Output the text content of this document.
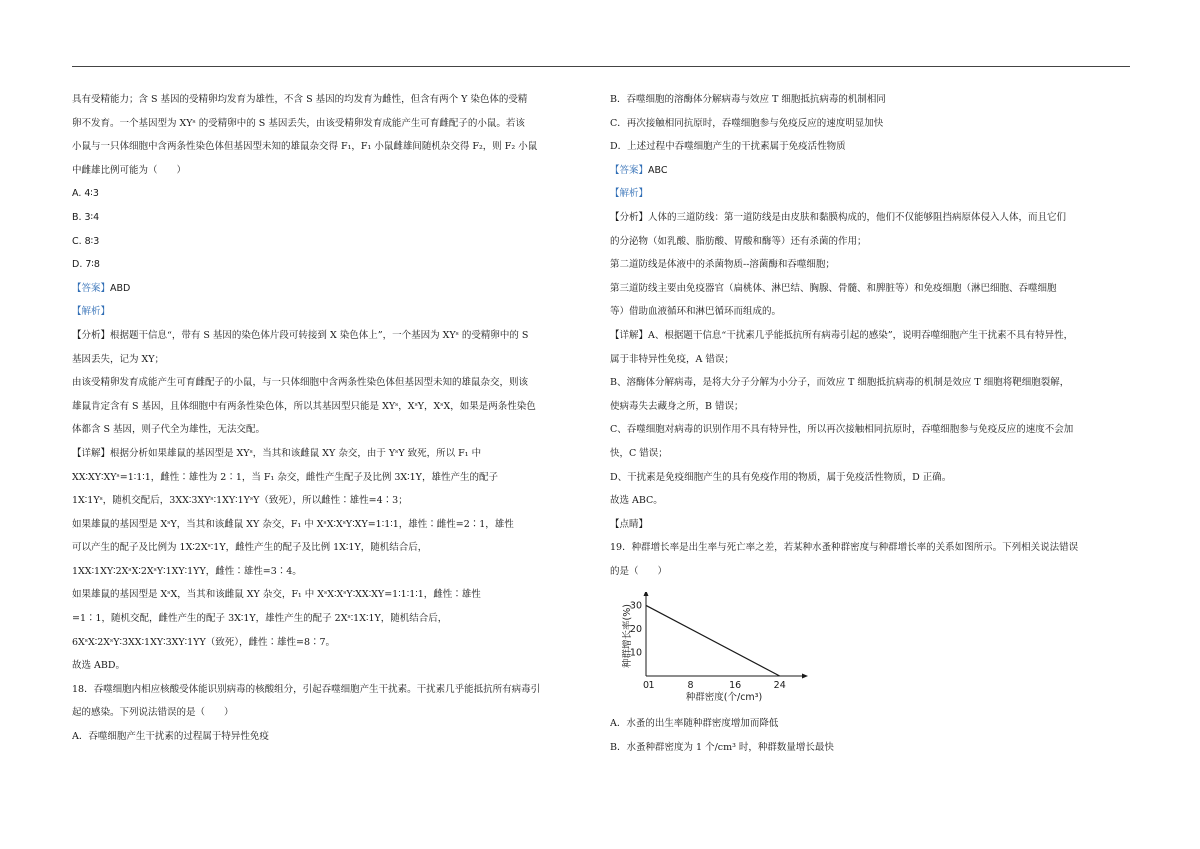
具有受精能力；含 S 基因的受精卵均发育为雄性，不含 S 基因的均发育为雌性，但含有两个 Y 染色体的受精
卵不发育。一个基因型为 XYˢ 的受精卵中的 S 基因丢失，由该受精卵发育成能产生可育雌配子的小鼠。若该
小鼠与一只体细胞中含两条性染色体但基因型未知的雄鼠杂交得 F₁，F₁ 小鼠雌雄间随机杂交得 F₂，则 F₂ 小鼠
中雌雄比例可能为（　　）
A. 4∶3
B. 3∶4
C. 8∶3
D. 7∶8
【答案】ABD
【解析】
【分析】根据题干信息“，带有 S 基因的染色体片段可转接到 X 染色体上”，一个基因为 XYˢ 的受精卵中的 S
基因丢失，记为 XY；
由该受精卵发育成能产生可育雌配子的小鼠，与一只体细胞中含两条性染色体但基因型未知的雄鼠杂交，则该
雄鼠肯定含有 S 基因，且体细胞中有两条性染色体，所以其基因型只能是 XYˢ，XˢY，XˢX，如果是两条性染色
体都含 S 基因，则子代全为雄性，无法交配。
【详解】根据分析如果雄鼠的基因型是 XYˢ，当其和该雌鼠 XY 杂交，由于 YˢY 致死，所以 F₁ 中
XX∶XY∶XYˢ=1∶1∶1，雌性∶雄性为 2∶1，当 F₁ 杂交，雌性产生配子及比例 3X∶1Y，雄性产生的配子
1X∶1Yˢ，随机交配后，3XX∶3XYˢ∶1XY∶1YˢY（致死），所以雌性∶雄性=4∶3；
如果雄鼠的基因型是 XˢY，当其和该雌鼠 XY 杂交，F₁ 中 XˢX∶XˢY∶XY=1∶1∶1，雄性∶雌性=2∶1，雄性
可以产生的配子及比例为 1X∶2Xˢ∶1Y，雌性产生的配子及比例 1X∶1Y，随机结合后，
1XX∶1XY∶2XˢX∶2XˢY∶1XY∶1YY，雌性∶雄性=3∶4。
如果雄鼠的基因型是 XˢX，当其和该雌鼠 XY 杂交，F₁ 中 XˢX∶XˢY∶XX∶XY=1∶1∶1∶1，雌性∶雄性
=1∶1，随机交配，雌性产生的配子 3X∶1Y，雄性产生的配子 2Xˢ∶1X∶1Y，随机结合后，
6XˢX∶2XˢY∶3XX∶1XY∶3XY∶1YY（致死），雌性∶雄性=8∶7。
故选 ABD。
18．吞噬细胞内相应核酸受体能识别病毒的核酸组分，引起吞噬细胞产生干扰素。干扰素几乎能抵抗所有病毒引
起的感染。下列说法错误的是（　　）
A．吞噬细胞产生干扰素的过程属于特异性免疫
B．吞噬细胞的溶酶体分解病毒与效应 T 细胞抵抗病毒的机制相同
C．再次接触相同抗原时，吞噬细胞参与免疫反应的速度明显加快
D．上述过程中吞噬细胞产生的干扰素属于免疫活性物质
【答案】ABC
【解析】
【分析】人体的三道防线：第一道防线是由皮肤和黏膜构成的，他们不仅能够阻挡病原体侵入人体，而且它们
的分泌物（如乳酸、脂肪酸、胃酸和酶等）还有杀菌的作用；
第二道防线是体液中的杀菌物质--溶菌酶和吞噬细胞；
第三道防线主要由免疫器官（扁桃体、淋巴结、胸腺、骨髓、和脾脏等）和免疫细胞（淋巴细胞、吞噬细胞
等）借助血液循环和淋巴循环而组成的。
【详解】A、根据题干信息“干扰素几乎能抵抗所有病毒引起的感染”，说明吞噬细胞产生干扰素不具有特异性，
属于非特异性免疫，A 错误；
B、溶酶体分解病毒，是将大分子分解为小分子，而效应 T 细胞抵抗病毒的机制是效应 T 细胞将靶细胞裂解，
使病毒失去藏身之所，B 错误；
C、吞噬细胞对病毒的识别作用不具有特异性，所以再次接触相同抗原时，吞噬细胞参与免疫反应的速度不会加
快，C 错误；
D、干扰素是免疫细胞产生的具有免疫作用的物质，属于免疫活性物质，D 正确。
故选 ABC。
【点睛】
19．种群增长率是出生率与死亡率之差，若某种水蚤种群密度与种群增长率的关系如图所示。下列相关说法错误
的是（　　）
10
20
30
0 1	8	16	24
种群密度(个/cm³)
种群增长率(%)
A．水蚤的出生率随种群密度增加而降低
B．水蚤种群密度为 1 个/cm³ 时，种群数量增长最快
